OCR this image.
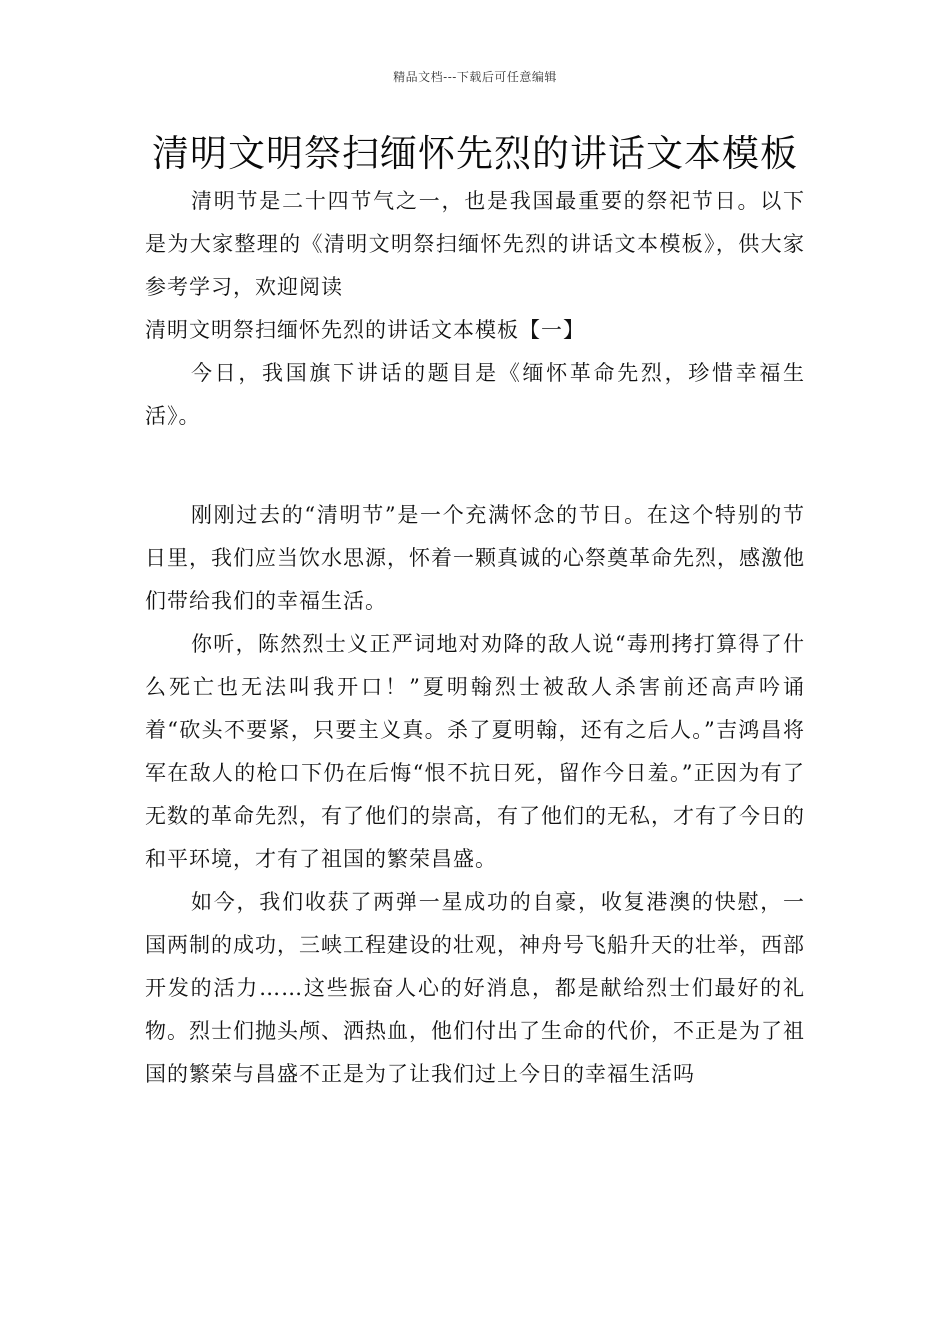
精品文档---下载后可任意编辑
清明文明祭扫缅怀先烈的讲话文本模板

清明节是二十四节气之一，也是我国最重要的祭祀节日。以下是为大家整理的《清明文明祭扫缅怀先烈的讲话文本模板》，供大家参考学习，欢迎阅读

清明文明祭扫缅怀先烈的讲话文本模板【一】

今日，我国旗下讲话的题目是《缅怀革命先烈，珍惜幸福生活》。

刚刚过去的“清明节”是一个充满怀念的节日。在这个特别的节日里，我们应当饮水思源，怀着一颗真诚的心祭奠革命先烈，感激他们带给我们的幸福生活。

你听，陈然烈士义正严词地对劝降的敌人说“毒刑拷打算得了什么死亡也无法叫我开口！”夏明翰烈士被敌人杀害前还高声吟诵着“砍头不要紧，只要主义真。杀了夏明翰，还有之后人。”吉鸿昌将军在敌人的枪口下仍在后悔“恨不抗日死，留作今日羞。”正因为有了无数的革命先烈，有了他们的崇高，有了他们的无私，才有了今日的和平环境，才有了祖国的繁荣昌盛。

如今，我们收获了两弹一星成功的自豪，收复港澳的快慰，一国两制的成功，三峡工程建设的壮观，神舟号飞船升天的壮举，西部开发的活力……这些振奋人心的好消息，都是献给烈士们最好的礼物。烈士们抛头颅、洒热血，他们付出了生命的代价，不正是为了祖国的繁荣与昌盛不正是为了让我们过上今日的幸福生活吗
